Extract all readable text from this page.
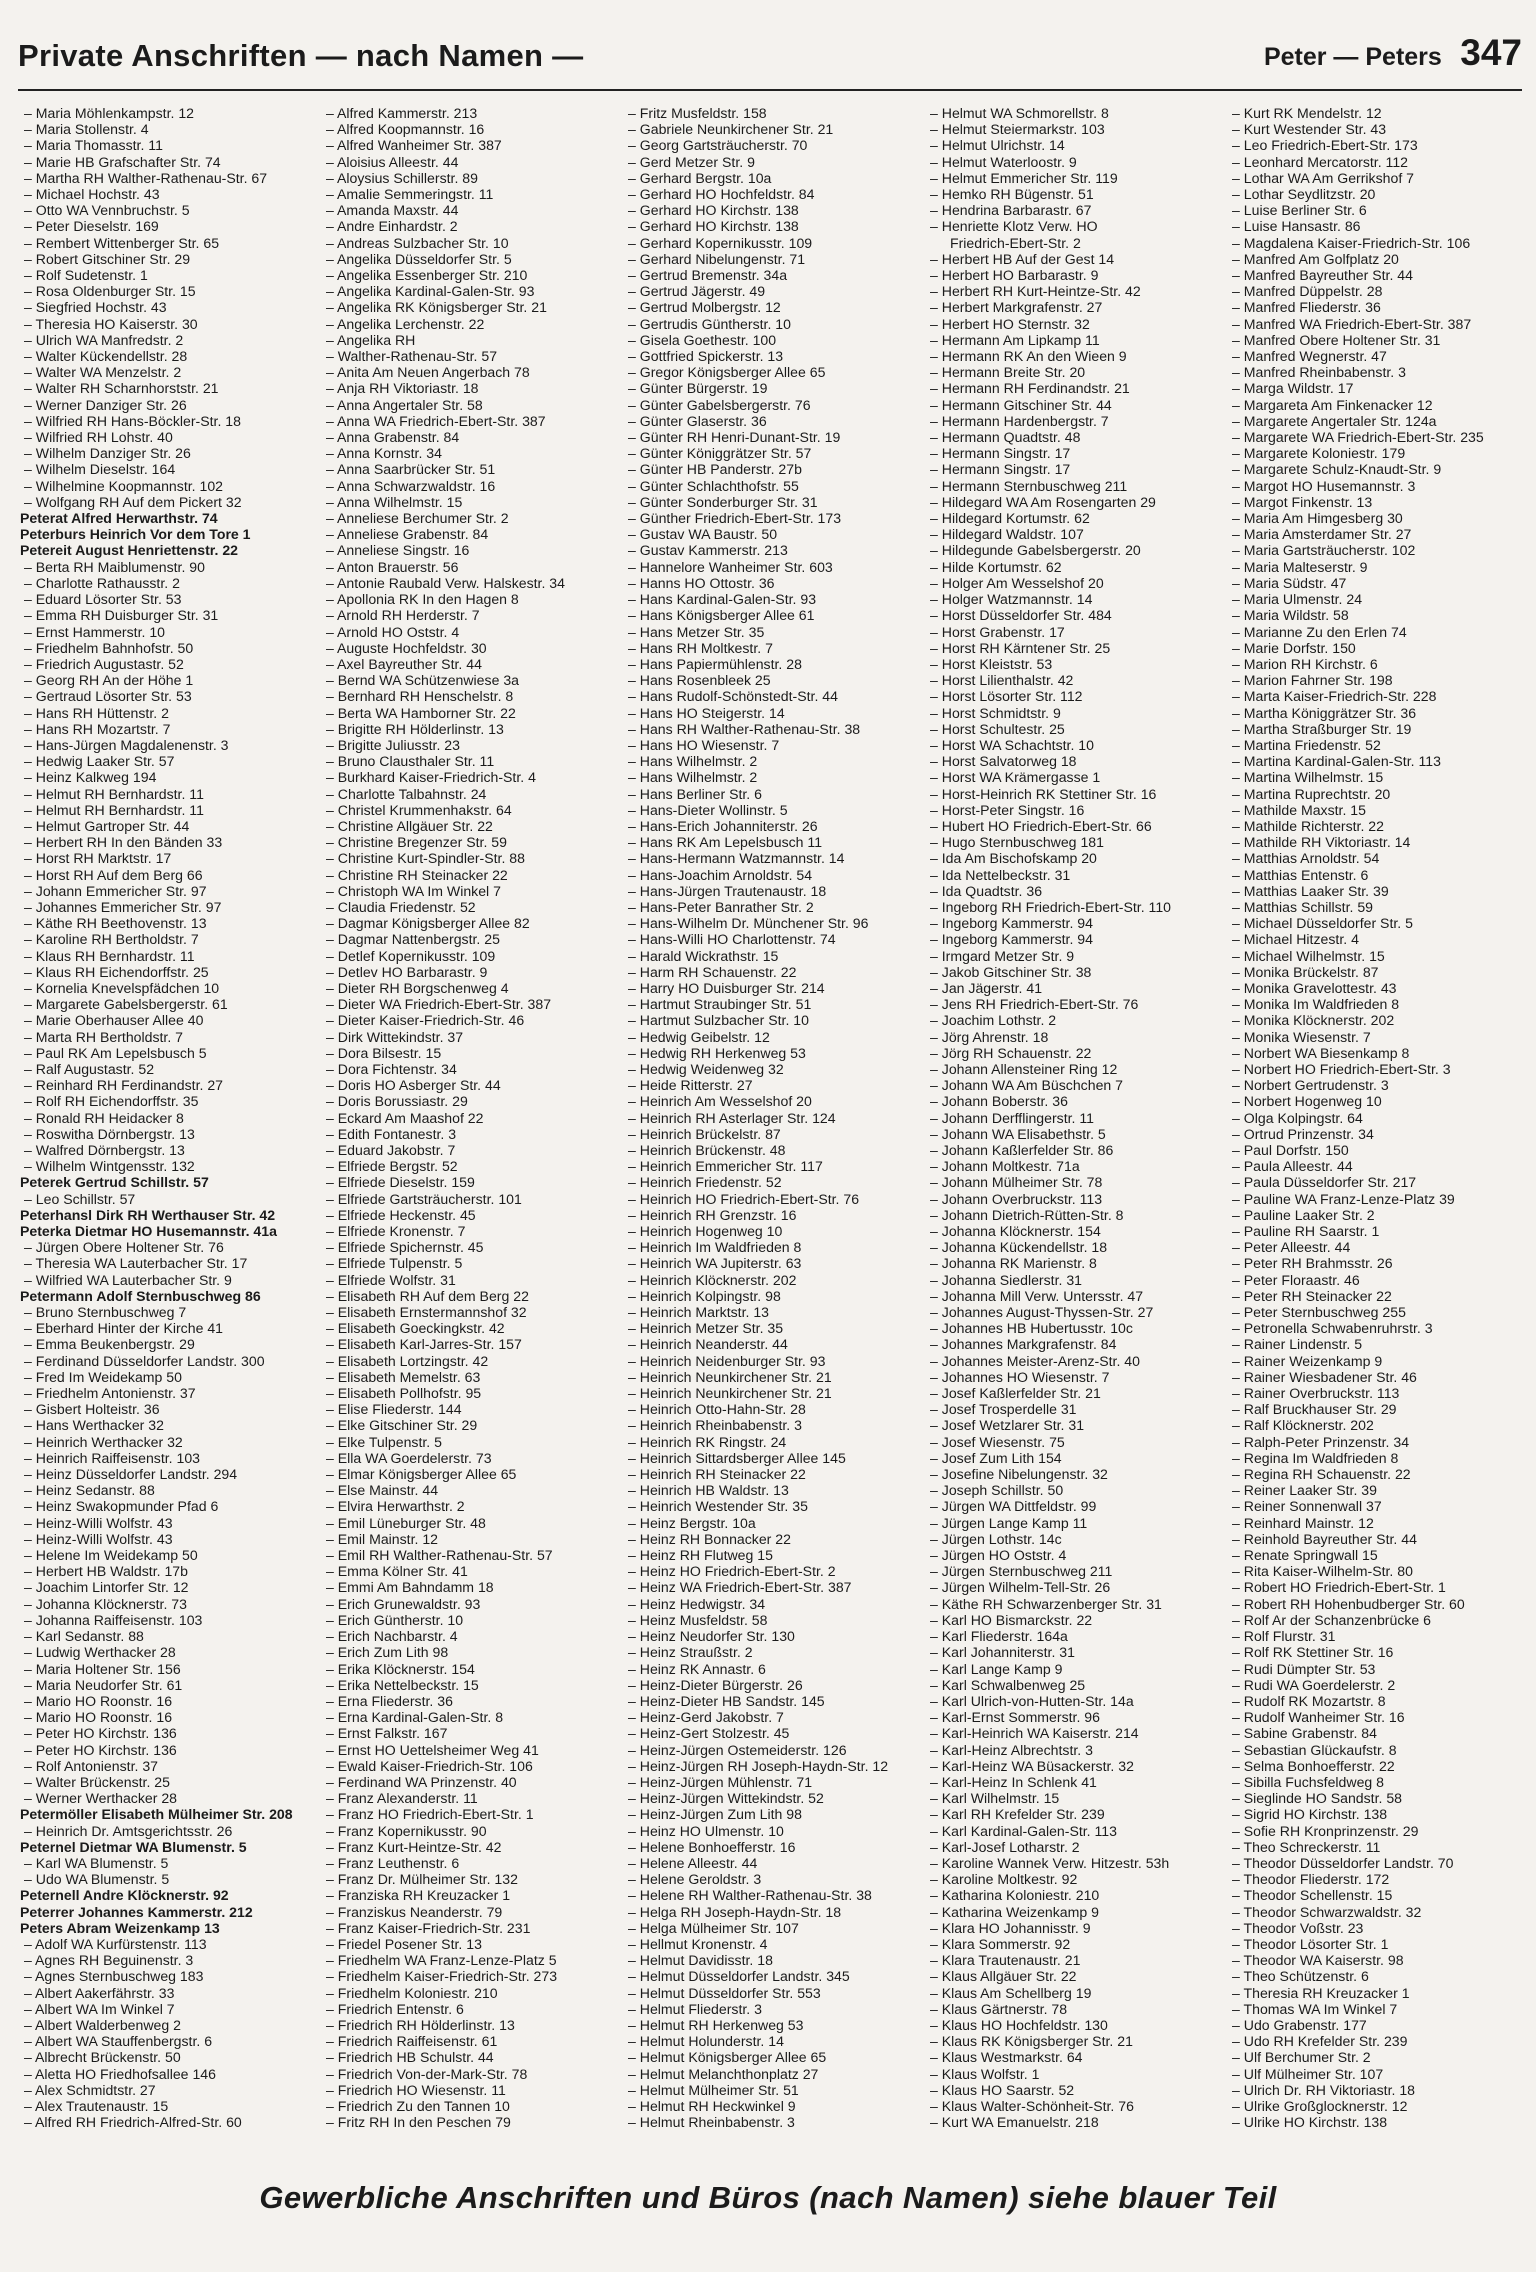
Private Anschriften — nach Namen —	Peter — Peters 347
– Maria Möhlenkampstr. 12
– Maria Stollenstr. 4
– Maria Thomasstr. 11
– Marie HB Grafschafter Str. 74
– Martha RH Walther-Rathenau-Str. 67
– Michael Hochstr. 43
– Otto WA Vennbruchstr. 5
– Peter Dieselstr. 169
– Rembert Wittenberger Str. 65
– Robert Gitschiner Str. 29
– Rolf Sudetenstr. 1
– Rosa Oldenburger Str. 15
– Siegfried Hochstr. 43
– Theresia HO Kaiserstr. 30
– Ulrich WA Manfredstr. 2
– Walter Kückendellstr. 28
– Walter WA Menzelstr. 2
– Walter RH Scharnhorststr. 21
– Werner Danziger Str. 26
– Wilfried RH Hans-Böckler-Str. 18
– Wilfried RH Lohstr. 40
– Wilhelm Danziger Str. 26
– Wilhelm Dieselstr. 164
– Wilhelmine Koopmannstr. 102
– Wolfgang RH Auf dem Pickert 32
Peterat Alfred Herwarthstr. 74
Peterburs Heinrich Vor dem Tore 1
Petereit August Henriettenstr. 22
– Berta RH Maiblumenstr. 90
– Charlotte Rathausstr. 2
– Eduard Lösorter Str. 53
– Emma RH Duisburger Str. 31
– Ernst Hammerstr. 10
– Friedhelm Bahnhofstr. 50
– Friedrich Augustastr. 52
– Georg RH An der Höhe 1
– Gertraud Lösorter Str. 53
– Hans RH Hüttenstr. 2
– Hans RH Mozartstr. 7
– Hans-Jürgen Magdalenenstr. 3
– Hedwig Laaker Str. 57
– Heinz Kalkweg 194
– Helmut RH Bernhardstr. 11
– Helmut RH Bernhardstr. 11
– Helmut Gartroper Str. 44
– Herbert RH In den Bänden 33
– Horst RH Marktstr. 17
– Horst RH Auf dem Berg 66
– Johann Emmericher Str. 97
– Johannes Emmericher Str. 97
– Käthe RH Beethovenstr. 13
– Karoline RH Bertholdstr. 7
– Klaus RH Bernhardstr. 11
– Klaus RH Eichendorffstr. 25
– Kornelia Knevelspfädchen 10
– Margarete Gabelsbergerstr. 61
– Marie Oberhauser Allee 40
– Marta RH Bertholdstr. 7
– Paul RK Am Lepelsbusch 5
– Ralf Augustastr. 52
– Reinhard RH Ferdinandstr. 27
– Rolf RH Eichendorffstr. 35
– Ronald RH Heidacker 8
– Roswitha Dörnbergstr. 13
– Walfred Dörnbergstr. 13
– Wilhelm Wintgensstr. 132
Peterek Gertrud Schillstr. 57
– Leo Schillstr. 57
Peterhansl Dirk RH Werthauser Str. 42
Peterka Dietmar HO Husemannstr. 41a
– Jürgen Obere Holtener Str. 76
– Theresia WA Lauterbacher Str. 17
– Wilfried WA Lauterbacher Str. 9
Petermann Adolf Sternbuschweg 86
– Bruno Sternbuschweg 7
– Eberhard Hinter der Kirche 41
– Emma Beukenbergstr. 29
– Ferdinand Düsseldorfer Landstr. 300
– Fred Im Weidekamp 50
– Friedhelm Antonienstr. 37
– Gisbert Holteistr. 36
– Hans Werthacker 32
– Heinrich Werthacker 32
– Heinrich Raiffeisenstr. 103
– Heinz Düsseldorfer Landstr. 294
– Heinz Sedanstr. 88
– Heinz Swakopmunder Pfad 6
– Heinz-Willi Wolfstr. 43
– Heinz-Willi Wolfstr. 43
– Helene Im Weidekamp 50
– Herbert HB Waldstr. 17b
– Joachim Lintorfer Str. 12
– Johanna Klöcknerstr. 73
– Johanna Raiffeisenstr. 103
– Karl Sedanstr. 88
– Ludwig Werthacker 28
– Maria Holtener Str. 156
– Maria Neudorfer Str. 61
– Mario HO Roonstr. 16
– Mario HO Roonstr. 16
– Peter HO Kirchstr. 136
– Peter HO Kirchstr. 136
– Rolf Antonienstr. 37
– Walter Brückenstr. 25
– Werner Werthacker 28
Petermöller Elisabeth Mülheimer Str. 208
– Heinrich Dr. Amtsgerichtsstr. 26
Peternel Dietmar WA Blumenstr. 5
– Karl WA Blumenstr. 5
– Udo WA Blumenstr. 5
Peternell Andre Klöcknerstr. 92
Peterrer Johannes Kammerstr. 212
Peters Abram Weizenkamp 13
– Adolf WA Kurfürstenstr. 113
– Agnes RH Beguinenstr. 3
– Agnes Sternbuschweg 183
– Albert Aakerfährstr. 33
– Albert WA Im Winkel 7
– Albert Walderbenweg 2
– Albert WA Stauffenbergstr. 6
– Albrecht Brückenstr. 50
– Aletta HO Friedhofsallee 146
– Alex Schmidtstr. 27
– Alex Trautenaustr. 15
– Alfred RH Friedrich-Alfred-Str. 60
– Alfred Kammerstr. 213
– Alfred Koopmannstr. 16
– Alfred Wanheimer Str. 387
– Aloisius Alleestr. 44
– Aloysius Schillerstr. 89
– Amalie Semmeringstr. 11
– Amanda Maxstr. 44
– Andre Einhardstr. 2
– Andreas Sulzbacher Str. 10
– Angelika Düsseldorfer Str. 5
– Angelika Essenberger Str. 210
– Angelika Kardinal-Galen-Str. 93
– Angelika RK Königsberger Str. 21
– Angelika Lerchenstr. 22
– Angelika RH
– Walther-Rathenau-Str. 57
– Anita Am Neuen Angerbach 78
– Anja RH Viktoriastr. 18
– Anna Angertaler Str. 58
– Anna WA Friedrich-Ebert-Str. 387
– Anna Grabenstr. 84
– Anna Kornstr. 34
– Anna Saarbrücker Str. 51
– Anna Schwarzwaldstr. 16
– Anna Wilhelmstr. 15
– Anneliese Berchumer Str. 2
– Anneliese Grabenstr. 84
– Anneliese Singstr. 16
– Anton Brauerstr. 56
– Antonie Raubald Verw. Halskestr. 34
– Apollonia RK In den Hagen 8
– Arnold RH Herderstr. 7
– Arnold HO Oststr. 4
– Auguste Hochfeldstr. 30
– Axel Bayreuther Str. 44
– Bernd WA Schützenwiese 3a
– Bernhard RH Henschelstr. 8
– Berta WA Hamborner Str. 22
– Brigitte RH Hölderlinstr. 13
– Brigitte Juliusstr. 23
– Bruno Clausthaler Str. 11
– Burkhard Kaiser-Friedrich-Str. 4
– Charlotte Talbahnstr. 24
– Christel Krummenhakstr. 64
– Christine Allgäuer Str. 22
– Christine Bregenzer Str. 59
– Christine Kurt-Spindler-Str. 88
– Christine RH Steinacker 22
– Christoph WA Im Winkel 7
– Claudia Friedenstr. 52
– Dagmar Königsberger Allee 82
– Dagmar Nattenbergstr. 25
– Detlef Kopernikusstr. 109
– Detlev HO Barbarastr. 9
– Dieter RH Borgschenweg 4
– Dieter WA Friedrich-Ebert-Str. 387
– Dieter Kaiser-Friedrich-Str. 46
– Dirk Wittekindstr. 37
– Dora Bilsestr. 15
– Dora Fichtenstr. 34
– Doris HO Asberger Str. 44
– Doris Borussiastr. 29
– Eckard Am Maashof 22
– Edith Fontanestr. 3
– Eduard Jakobstr. 7
– Elfriede Bergstr. 52
– Elfriede Dieselstr. 159
– Elfriede Gartsträucherstr. 101
– Elfriede Heckenstr. 45
– Elfriede Kronenstr. 7
– Elfriede Spichernstr. 45
– Elfriede Tulpenstr. 5
– Elfriede Wolfstr. 31
– Elisabeth RH Auf dem Berg 22
– Elisabeth Ernstermannshof 32
– Elisabeth Goeckingkstr. 42
– Elisabeth Karl-Jarres-Str. 157
– Elisabeth Lortzingstr. 42
– Elisabeth Memelstr. 63
– Elisabeth Pollhofstr. 95
– Elise Fliederstr. 144
– Elke Gitschiner Str. 29
– Elke Tulpenstr. 5
– Ella WA Goerdelerstr. 73
– Elmar Königsberger Allee 65
– Else Mainstr. 44
– Elvira Herwarthstr. 2
– Emil Lüneburger Str. 48
– Emil Mainstr. 12
– Emil RH Walther-Rathenau-Str. 57
– Emma Kölner Str. 41
– Emmi Am Bahndamm 18
– Erich Grunewaldstr. 93
– Erich Güntherstr. 10
– Erich Nachbarstr. 4
– Erich Zum Lith 98
– Erika Klöcknerstr. 154
– Erika Nettelbeckstr. 15
– Erna Fliederstr. 36
– Erna Kardinal-Galen-Str. 8
– Ernst Falkstr. 167
– Ernst HO Uettelsheimer Weg 41
– Ewald Kaiser-Friedrich-Str. 106
– Ferdinand WA Prinzenstr. 40
– Franz Alexanderstr. 11
– Franz HO Friedrich-Ebert-Str. 1
– Franz Kopernikusstr. 90
– Franz Kurt-Heintze-Str. 42
– Franz Leuthenstr. 6
– Franz Dr. Mülheimer Str. 132
– Franziska RH Kreuzacker 1
– Franziskus Neanderstr. 79
– Franz Kaiser-Friedrich-Str. 231
– Friedel Posener Str. 13
– Friedhelm WA Franz-Lenze-Platz 5
– Friedhelm Kaiser-Friedrich-Str. 273
– Friedhelm Koloniestr. 210
– Friedrich Entenstr. 6
– Friedrich RH Hölderlinstr. 13
– Friedrich Raiffeisenstr. 61
– Friedrich HB Schulstr. 44
– Friedrich Von-der-Mark-Str. 78
– Friedrich HO Wiesenstr. 11
– Friedrich Zu den Tannen 10
– Fritz RH In den Peschen 79
– Fritz Musfeldstr. 158
– Gabriele Neunkirchener Str. 21
– Georg Gartsträucherstr. 70
– Gerd Metzer Str. 9
– Gerhard Bergstr. 10a
– Gerhard HO Hochfeldstr. 84
– Gerhard HO Kirchstr. 138
– Gerhard HO Kirchstr. 138
– Gerhard Kopernikusstr. 109
– Gerhard Nibelungenstr. 71
– Gertrud Bremenstr. 34a
– Gertrud Jägerstr. 49
– Gertrud Molbergstr. 12
– Gertrudis Güntherstr. 10
– Gisela Goethestr. 100
– Gottfried Spickerstr. 13
– Gregor Königsberger Allee 65
– Günter Bürgerstr. 19
– Günter Gabelsbergerstr. 76
– Günter Glaserstr. 36
– Günter RH Henri-Dunant-Str. 19
– Günter Königgrätzer Str. 57
– Günter HB Panderstr. 27b
– Günter Schlachthofstr. 55
– Günter Sonderburger Str. 31
– Günther Friedrich-Ebert-Str. 173
– Gustav WA Baustr. 50
– Gustav Kammerstr. 213
– Hannelore Wanheimer Str. 603
– Hanns HO Ottostr. 36
– Hans Kardinal-Galen-Str. 93
– Hans Königsberger Allee 61
– Hans Metzer Str. 35
– Hans RH Moltkestr. 7
– Hans Papiermühlenstr. 28
– Hans Rosenbleek 25
– Hans Rudolf-Schönstedt-Str. 44
– Hans HO Steigerstr. 14
– Hans RH Walther-Rathenau-Str. 38
– Hans HO Wiesenstr. 7
– Hans Wilhelmstr. 2
– Hans Wilhelmstr. 2
– Hans Berliner Str. 6
– Hans-Dieter Wollinstr. 5
– Hans-Erich Johanniterstr. 26
– Hans RK Am Lepelsbusch 11
– Hans-Hermann Watzmannstr. 14
– Hans-Joachim Arnoldstr. 54
– Hans-Jürgen Trautenaustr. 18
– Hans-Peter Banrather Str. 2
– Hans-Wilhelm Dr. Münchener Str. 96
– Hans-Willi HO Charlottenstr. 74
– Harald Wickrathstr. 15
– Harm RH Schauenstr. 22
– Harry HO Duisburger Str. 214
– Hartmut Straubinger Str. 51
– Hartmut Sulzbacher Str. 10
– Hedwig Geibelstr. 12
– Hedwig RH Herkenweg 53
– Hedwig Weidenweg 32
– Heide Ritterstr. 27
– Heinrich Am Wesselshof 20
– Heinrich RH Asterlager Str. 124
– Heinrich Brückelstr. 87
– Heinrich Brückenstr. 48
– Heinrich Emmericher Str. 117
– Heinrich Friedenstr. 52
– Heinrich HO Friedrich-Ebert-Str. 76
– Heinrich RH Grenzstr. 16
– Heinrich Hogenweg 10
– Heinrich Im Waldfrieden 8
– Heinrich WA Jupiterstr. 63
– Heinrich Klöcknerstr. 202
– Heinrich Kolpingstr. 98
– Heinrich Marktstr. 13
– Heinrich Metzer Str. 35
– Heinrich Neanderstr. 44
– Heinrich Neidenburger Str. 93
– Heinrich Neunkirchener Str. 21
– Heinrich Neunkirchener Str. 21
– Heinrich Otto-Hahn-Str. 28
– Heinrich Rheinbabenstr. 3
– Heinrich RK Ringstr. 24
– Heinrich Sittardsberger Allee 145
– Heinrich RH Steinacker 22
– Heinrich HB Waldstr. 13
– Heinrich Westender Str. 35
– Heinz Bergstr. 10a
– Heinz RH Bonnacker 22
– Heinz RH Flutweg 15
– Heinz HO Friedrich-Ebert-Str. 2
– Heinz WA Friedrich-Ebert-Str. 387
– Heinz Hedwigstr. 34
– Heinz Musfeldstr. 58
– Heinz Neudorfer Str. 130
– Heinz Straußstr. 2
– Heinz RK Annastr. 6
– Heinz-Dieter Bürgerstr. 26
– Heinz-Dieter HB Sandstr. 145
– Heinz-Gerd Jakobstr. 7
– Heinz-Gert Stolzestr. 45
– Heinz-Jürgen Ostemeiderstr. 126
– Heinz-Jürgen RH Joseph-Haydn-Str. 12
– Heinz-Jürgen Mühlenstr. 71
– Heinz-Jürgen Wittekindstr. 52
– Heinz-Jürgen Zum Lith 98
– Heinz HO Ulmenstr. 10
– Helene Bonhoefferstr. 16
– Helene Alleestr. 44
– Helene Geroldstr. 3
– Helene RH Walther-Rathenau-Str. 38
– Helga RH Joseph-Haydn-Str. 18
– Helga Mülheimer Str. 107
– Hellmut Kronenstr. 4
– Helmut Davidisstr. 18
– Helmut Düsseldorfer Landstr. 345
– Helmut Düsseldorfer Str. 553
– Helmut Fliederstr. 3
– Helmut RH Herkenweg 53
– Helmut Holunderstr. 14
– Helmut Königsberger Allee 65
– Helmut Melanchthonplatz 27
– Helmut Mülheimer Str. 51
– Helmut RH Heckwinkel 9
– Helmut Rheinbabenstr. 3
– Helmut WA Schmorellstr. 8
– Helmut Steiermarkstr. 103
– Helmut Ulrichstr. 14
– Helmut Waterloostr. 9
– Helmut Emmericher Str. 119
– Hemko RH Bügenstr. 51
– Hendrina Barbarastr. 67
– Henriette Klotz Verw. HO
Friedrich-Ebert-Str. 2
– Herbert HB Auf der Gest 14
– Herbert HO Barbarastr. 9
– Herbert RH Kurt-Heintze-Str. 42
– Herbert Markgrafenstr. 27
– Herbert HO Sternstr. 32
– Hermann Am Lipkamp 11
– Hermann RK An den Wieen 9
– Hermann Breite Str. 20
– Hermann RH Ferdinandstr. 21
– Hermann Gitschiner Str. 44
– Hermann Hardenbergstr. 7
– Hermann Quadtstr. 48
– Hermann Singstr. 17
– Hermann Singstr. 17
– Hermann Sternbuschweg 211
– Hildegard WA Am Rosengarten 29
– Hildegard Kortumstr. 62
– Hildegard Waldstr. 107
– Hildegunde Gabelsbergerstr. 20
– Hilde Kortumstr. 62
– Holger Am Wesselshof 20
– Holger Watzmannstr. 14
– Horst Düsseldorfer Str. 484
– Horst Grabenstr. 17
– Horst RH Kärntener Str. 25
– Horst Kleiststr. 53
– Horst Lilienthalstr. 42
– Horst Lösorter Str. 112
– Horst Schmidtstr. 9
– Horst Schultestr. 25
– Horst WA Schachtstr. 10
– Horst Salvatorweg 18
– Horst WA Krämergasse 1
– Horst-Heinrich RK Stettiner Str. 16
– Horst-Peter Singstr. 16
– Hubert HO Friedrich-Ebert-Str. 66
– Hugo Sternbuschweg 181
– Ida Am Bischofskamp 20
– Ida Nettelbeckstr. 31
– Ida Quadtstr. 36
– Ingeborg RH Friedrich-Ebert-Str. 110
– Ingeborg Kammerstr. 94
– Ingeborg Kammerstr. 94
– Irmgard Metzer Str. 9
– Jakob Gitschiner Str. 38
– Jan Jägerstr. 41
– Jens RH Friedrich-Ebert-Str. 76
– Joachim Lothstr. 2
– Jörg Ahrenstr. 18
– Jörg RH Schauenstr. 22
– Johann Allensteiner Ring 12
– Johann WA Am Büschchen 7
– Johann Boberstr. 36
– Johann Derfflingerstr. 11
– Johann WA Elisabethstr. 5
– Johann Kaßlerfelder Str. 86
– Johann Moltkestr. 71a
– Johann Mülheimer Str. 78
– Johann Overbruckstr. 113
– Johann Dietrich-Rütten-Str. 8
– Johanna Klöcknerstr. 154
– Johanna Kückendellstr. 18
– Johanna RK Marienstr. 8
– Johanna Siedlerstr. 31
– Johanna Mill Verw. Untersstr. 47
– Johannes August-Thyssen-Str. 27
– Johannes HB Hubertusstr. 10c
– Johannes Markgrafenstr. 84
– Johannes Meister-Arenz-Str. 40
– Johannes HO Wiesenstr. 7
– Josef Kaßlerfelder Str. 21
– Josef Trosperdelle 31
– Josef Wetzlarer Str. 31
– Josef Wiesenstr. 75
– Josef Zum Lith 154
– Josefine Nibelungenstr. 32
– Joseph Schillstr. 50
– Jürgen WA Dittfeldstr. 99
– Jürgen Lange Kamp 11
– Jürgen Lothstr. 14c
– Jürgen HO Oststr. 4
– Jürgen Sternbuschweg 211
– Jürgen Wilhelm-Tell-Str. 26
– Käthe RH Schwarzenberger Str. 31
– Karl HO Bismarckstr. 22
– Karl Fliederstr. 164a
– Karl Johanniterstr. 31
– Karl Lange Kamp 9
– Karl Schwalbenweg 25
– Karl Ulrich-von-Hutten-Str. 14a
– Karl-Ernst Sommerstr. 96
– Karl-Heinrich WA Kaiserstr. 214
– Karl-Heinz Albrechtstr. 3
– Karl-Heinz WA Büsackerstr. 32
– Karl-Heinz In Schlenk 41
– Karl Wilhelmstr. 15
– Karl RH Krefelder Str. 239
– Karl Kardinal-Galen-Str. 113
– Karl-Josef Lotharstr. 2
– Karoline Wannek Verw. Hitzestr. 53h
– Karoline Moltkestr. 92
– Katharina Koloniestr. 210
– Katharina Weizenkamp 9
– Klara HO Johannisstr. 9
– Klara Sommerstr. 92
– Klara Trautenaustr. 21
– Klaus Allgäuer Str. 22
– Klaus Am Schellberg 19
– Klaus Gärtnerstr. 78
– Klaus HO Hochfeldstr. 130
– Klaus RK Königsberger Str. 21
– Klaus Westmarkstr. 64
– Klaus Wolfstr. 1
– Klaus HO Saarstr. 52
– Klaus Walter-Schönheit-Str. 76
– Kurt WA Emanuelstr. 218
– Kurt RK Mendelstr. 12
– Kurt Westender Str. 43
– Leo Friedrich-Ebert-Str. 173
– Leonhard Mercatorstr. 112
– Lothar WA Am Gerrikshof 7
– Lothar Seydlitzstr. 20
– Luise Berliner Str. 6
– Luise Hansastr. 86
– Magdalena Kaiser-Friedrich-Str. 106
– Manfred Am Golfplatz 20
– Manfred Bayreuther Str. 44
– Manfred Düppelstr. 28
– Manfred Fliederstr. 36
– Manfred WA Friedrich-Ebert-Str. 387
– Manfred Obere Holtener Str. 31
– Manfred Wegnerstr. 47
– Manfred Rheinbabenstr. 3
– Marga Wildstr. 17
– Margareta Am Finkenacker 12
– Margarete Angertaler Str. 124a
– Margarete WA Friedrich-Ebert-Str. 235
– Margarete Koloniestr. 179
– Margarete Schulz-Knaudt-Str. 9
– Margot HO Husemannstr. 3
– Margot Finkenstr. 13
– Maria Am Himgesberg 30
– Maria Amsterdamer Str. 27
– Maria Gartsträucherstr. 102
– Maria Malteserstr. 9
– Maria Südstr. 47
– Maria Ulmenstr. 24
– Maria Wildstr. 58
– Marianne Zu den Erlen 74
– Marie Dorfstr. 150
– Marion RH Kirchstr. 6
– Marion Fahrner Str. 198
– Marta Kaiser-Friedrich-Str. 228
– Martha Königgrätzer Str. 36
– Martha Straßburger Str. 19
– Martina Friedenstr. 52
– Martina Kardinal-Galen-Str. 113
– Martina Wilhelmstr. 15
– Martina Ruprechtstr. 20
– Mathilde Maxstr. 15
– Mathilde Richterstr. 22
– Mathilde RH Viktoriastr. 14
– Matthias Arnoldstr. 54
– Matthias Entenstr. 6
– Matthias Laaker Str. 39
– Matthias Schillstr. 59
– Michael Düsseldorfer Str. 5
– Michael Hitzestr. 4
– Michael Wilhelmstr. 15
– Monika Brückelstr. 87
– Monika Gravelottestr. 43
– Monika Im Waldfrieden 8
– Monika Klöcknerstr. 202
– Monika Wiesenstr. 7
– Norbert WA Biesenkamp 8
– Norbert HO Friedrich-Ebert-Str. 3
– Norbert Gertrudenstr. 3
– Norbert Hogenweg 10
– Olga Kolpingstr. 64
– Ortrud Prinzenstr. 34
– Paul Dorfstr. 150
– Paula Alleestr. 44
– Paula Düsseldorfer Str. 217
– Pauline WA Franz-Lenze-Platz 39
– Pauline Laaker Str. 2
– Pauline RH Saarstr. 1
– Peter Alleestr. 44
– Peter RH Brahmsstr. 26
– Peter Floraastr. 46
– Peter RH Steinacker 22
– Peter Sternbuschweg 255
– Petronella Schwabenruhrstr. 3
– Rainer Lindenstr. 5
– Rainer Weizenkamp 9
– Rainer Wiesbadener Str. 46
– Rainer Overbruckstr. 113
– Ralf Bruckhauser Str. 29
– Ralf Klöcknerstr. 202
– Ralph-Peter Prinzenstr. 34
– Regina Im Waldfrieden 8
– Regina RH Schauenstr. 22
– Reiner Laaker Str. 39
– Reiner Sonnenwall 37
– Reinhard Mainstr. 12
– Reinhold Bayreuther Str. 44
– Renate Springwall 15
– Rita Kaiser-Wilhelm-Str. 80
– Robert HO Friedrich-Ebert-Str. 1
– Robert RH Hohenbudberger Str. 60
– Rolf Ar der Schanzenbrücke 6
– Rolf Flurstr. 31
– Rolf RK Stettiner Str. 16
– Rudi Dümpter Str. 53
– Rudi WA Goerdelerstr. 2
– Rudolf RK Mozartstr. 8
– Rudolf Wanheimer Str. 16
– Sabine Grabenstr. 84
– Sebastian Glückaufstr. 8
– Selma Bonhoefferstr. 22
– Sibilla Fuchsfeldweg 8
– Sieglinde HO Sandstr. 58
– Sigrid HO Kirchstr. 138
– Sofie RH Kronprinzenstr. 29
– Theo Schreckerstr. 11
– Theodor Düsseldorfer Landstr. 70
– Theodor Fliederstr. 172
– Theodor Schellenstr. 15
– Theodor Schwarzwaldstr. 32
– Theodor Voßstr. 23
– Theodor Lösorter Str. 1
– Theodor WA Kaiserstr. 98
– Theo Schützenstr. 6
– Theresia RH Kreuzacker 1
– Thomas WA Im Winkel 7
– Udo Grabenstr. 177
– Udo RH Krefelder Str. 239
– Ulf Berchumer Str. 2
– Ulf Mülheimer Str. 107
– Ulrich Dr. RH Viktoriastr. 18
– Ulrike Großglocknerstr. 12
– Ulrike HO Kirchstr. 138
Gewerbliche Anschriften und Büros (nach Namen) siehe blauer Teil
